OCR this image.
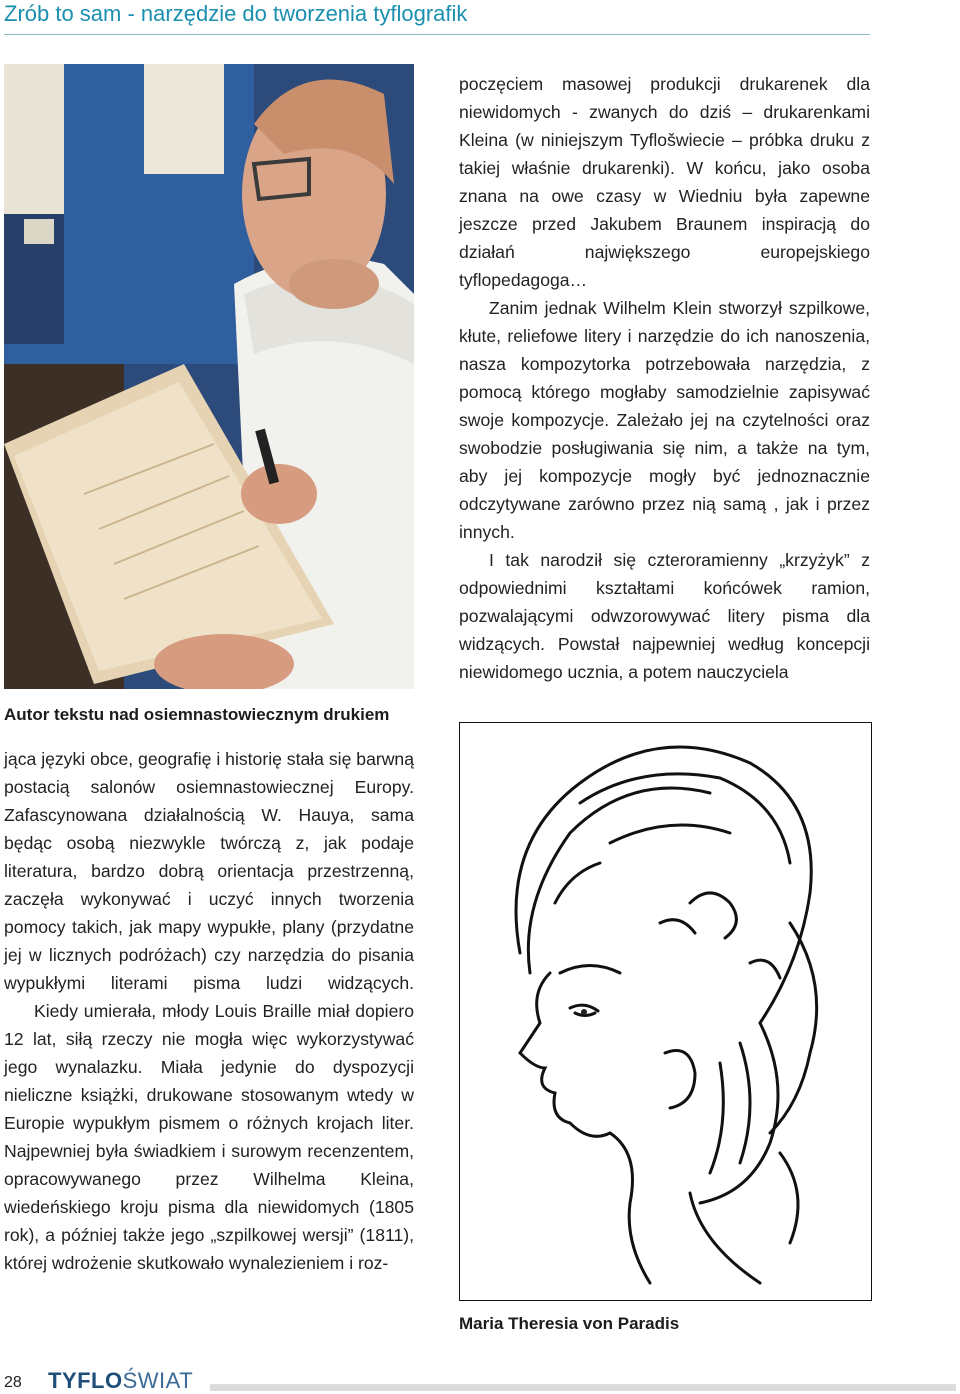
Zrób to sam - narzędzie do tworzenia tyflografik
Autor tekstu nad osiemnastowiecznym drukiem

jąca języki obce, geografię i historię stała się barwną postacią salonów osiemnastowiecznej Europy. Zafascynowana działalnością W. Hauya, sama będąc osobą niezwykle twórczą z, jak podaje literatura, bardzo dobrą orientacja przestrzenną, zaczęła wykonywać i uczyć innych tworzenia pomocy takich, jak mapy wypukłe, plany (przydatne jej w licznych podróżach) czy narzędzia do pisania wypukłymi literami pisma ludzi widzących.

Kiedy umierała, młody Louis Braille miał dopiero 12 lat, siłą rzeczy nie mogła więc wykorzystywać jego wynalazku. Miała jedynie do dyspozycji nieliczne książki, drukowane stosowanym wtedy w Europie wypukłym pismem o różnych krojach liter. Najpewniej była świadkiem i surowym recenzentem, opracowywanego przez Wilhelma Kleina, wiedeńskiego kroju pisma dla niewidomych (1805 rok), a później także jego „szpilkowej wersji” (1811), której wdrożenie skutkowało wynalezieniem i roz-

poczęciem masowej produkcji drukarenek dla niewidomych - zwanych do dziś – drukarenkami Kleina (w niniejszym Tyflošwiecie – próbka druku z takiej właśnie drukarenki). W końcu, jako osoba znana na owe czasy w Wiedniu była zapewne jeszcze przed Jakubem Braunem inspiracją do działań największego europejskiego tyflopedagoga…

Zanim jednak Wilhelm Klein stworzył szpilkowe, kłute, reliefowe litery i narzędzie do ich nanoszenia, nasza kompozytorka potrzebowała narzędzia, z pomocą którego mogłaby samodzielnie zapisywać swoje kompozycje. Zależało jej na czytelności oraz swobodzie posługiwania się nim, a także na tym, aby jej kompozycje mogły być jednoznacznie odczytywane zarówno przez nią samą , jak i przez innych.

I tak narodził się czteroramienny „krzyżyk” z odpowiednimi kształtami końcówek ramion, pozwalającymi odwzorowywać litery pisma dla widzących. Powstał najpewniej według koncepcji niewidomego ucznia, a potem nauczyciela

Maria Theresia von Paradis
28 TYFLOŚWIAT
